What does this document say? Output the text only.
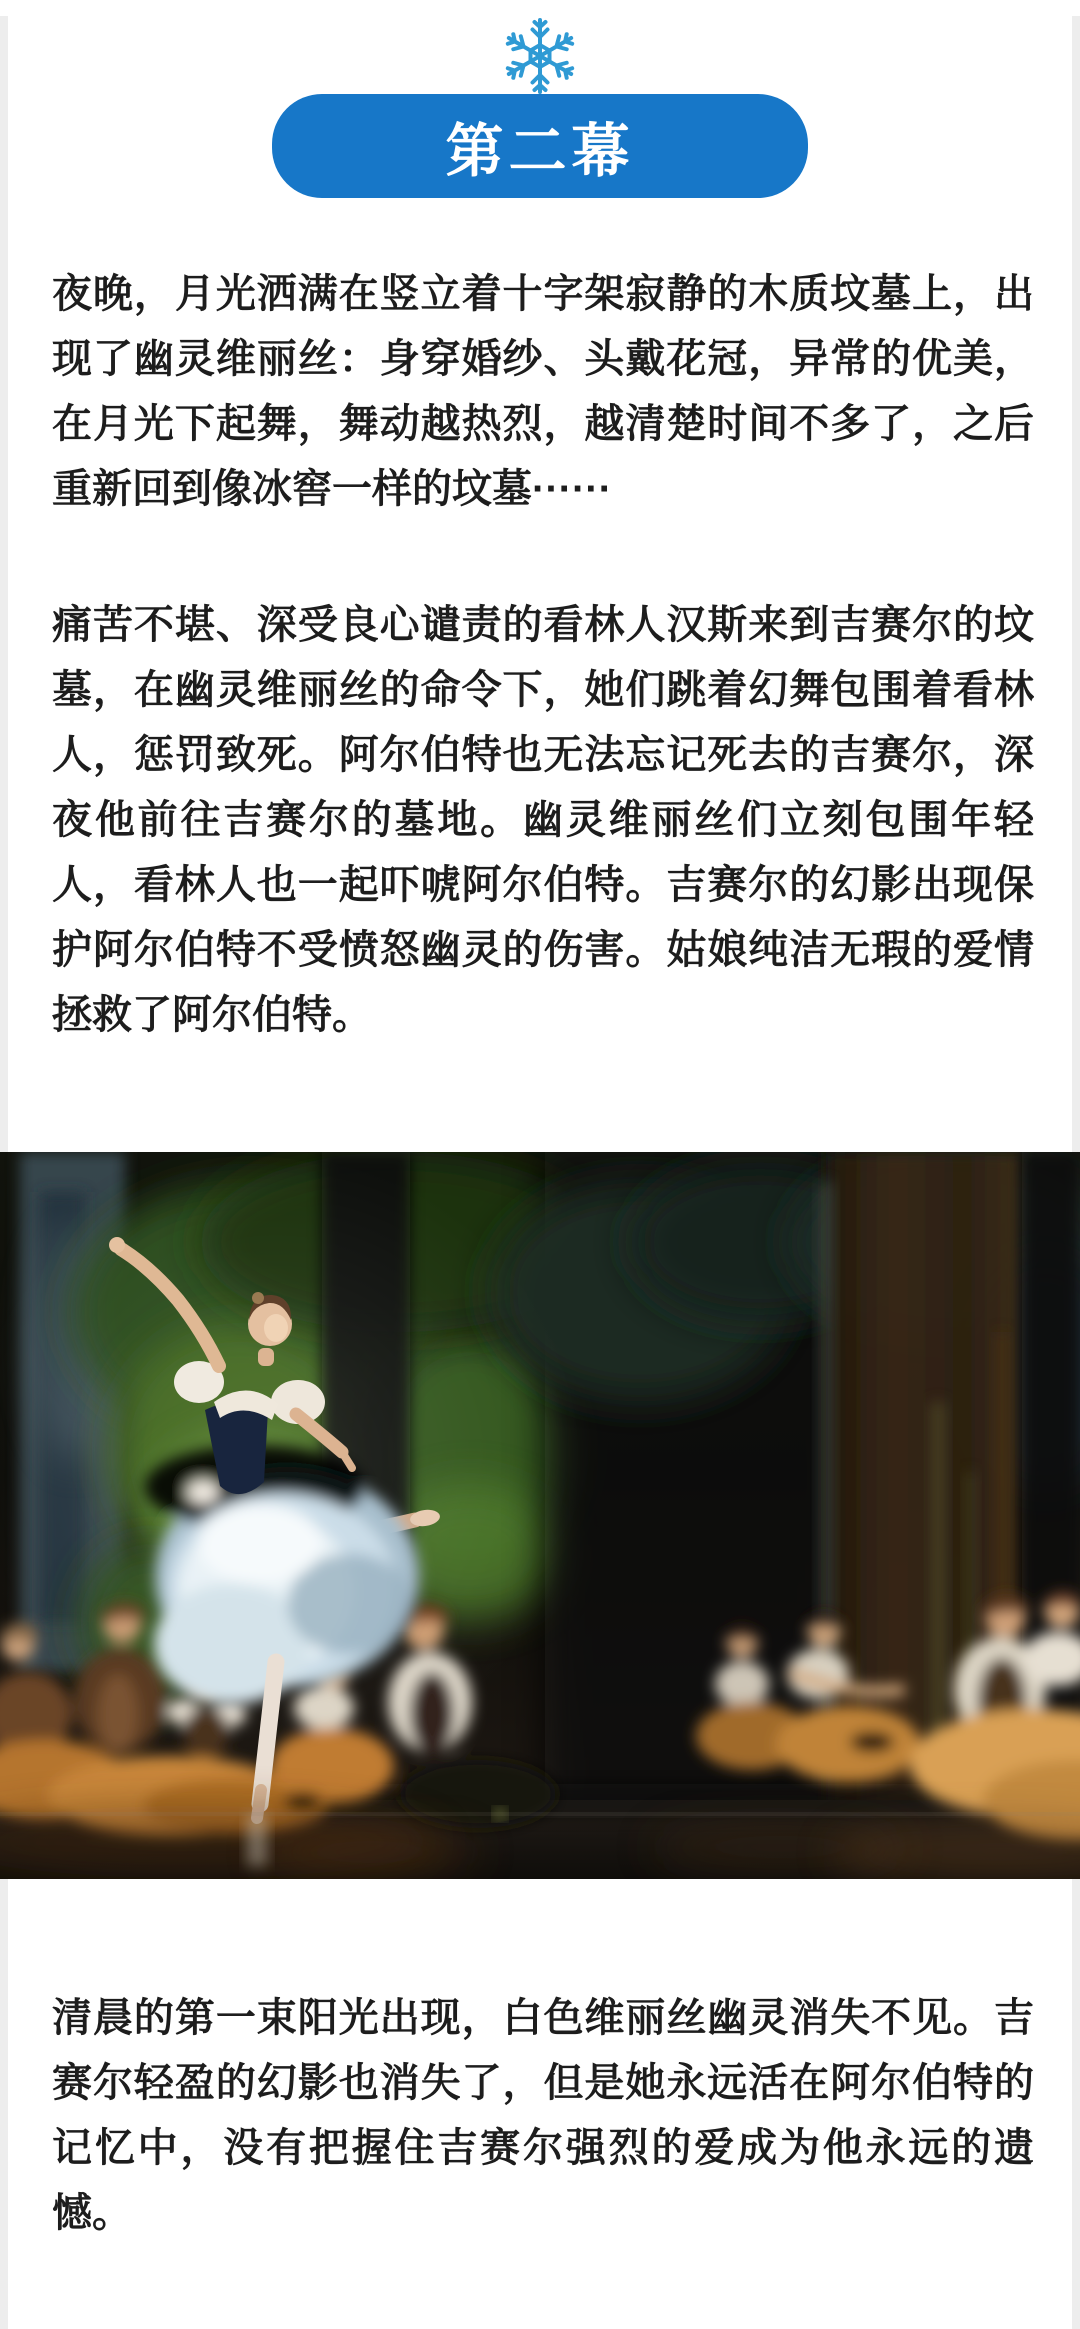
第二幕

夜晚，月光洒满在竖立着十字架寂静的木质坟墓上，出现了幽灵维丽丝：身穿婚纱、头戴花冠，异常的优美，在月光下起舞，舞动越热烈，越清楚时间不多了，之后重新回到像冰窖一样的坟墓······

痛苦不堪、深受良心谴责的看林人汉斯来到吉赛尔的坟墓，在幽灵维丽丝的命令下，她们跳着幻舞包围着看林人，惩罚致死。阿尔伯特也无法忘记死去的吉赛尔，深夜他前往吉赛尔的墓地。幽灵维丽丝们立刻包围年轻人，看林人也一起吓唬阿尔伯特。吉赛尔的幻影出现保护阿尔伯特不受愤怒幽灵的伤害。姑娘纯洁无瑕的爱情拯救了阿尔伯特。

清晨的第一束阳光出现，白色维丽丝幽灵消失不见。吉赛尔轻盈的幻影也消失了，但是她永远活在阿尔伯特的记忆中，没有把握住吉赛尔强烈的爱成为他永远的遗憾。
